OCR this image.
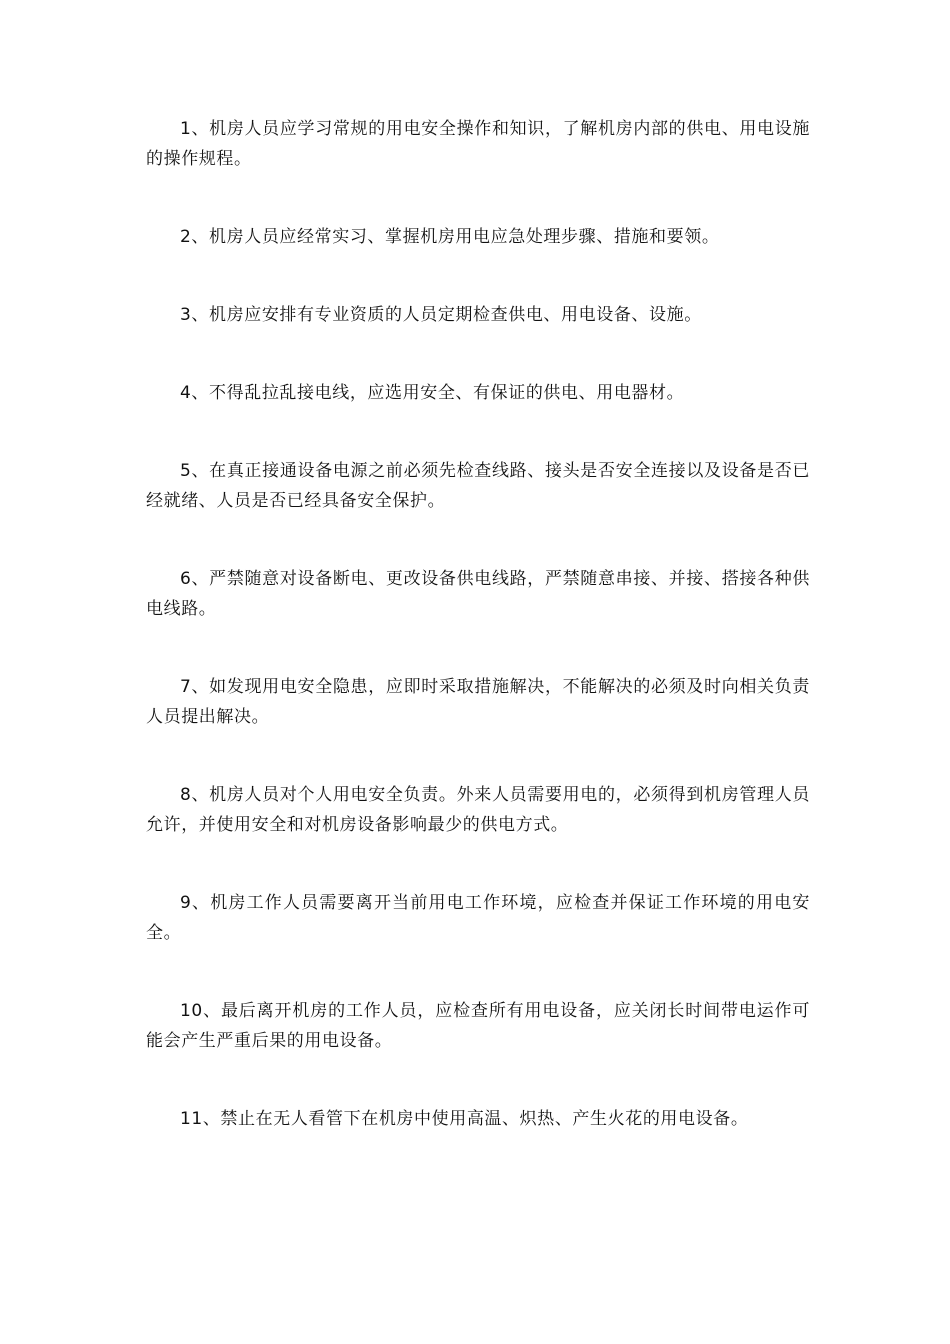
1、机房人员应学习常规的用电安全操作和知识，了解机房内部的供电、用电设施的操作规程。

2、机房人员应经常实习、掌握机房用电应急处理步骤、措施和要领。

3、机房应安排有专业资质的人员定期检查供电、用电设备、设施。

4、不得乱拉乱接电线，应选用安全、有保证的供电、用电器材。

5、在真正接通设备电源之前必须先检查线路、接头是否安全连接以及设备是否已经就绪、人员是否已经具备安全保护。

6、严禁随意对设备断电、更改设备供电线路，严禁随意串接、并接、搭接各种供电线路。

7、如发现用电安全隐患，应即时采取措施解决，不能解决的必须及时向相关负责人员提出解决。

8、机房人员对个人用电安全负责。外来人员需要用电的，必须得到机房管理人员允许，并使用安全和对机房设备影响最少的供电方式。

9、机房工作人员需要离开当前用电工作环境，应检查并保证工作环境的用电安全。

10、最后离开机房的工作人员，应检查所有用电设备，应关闭长时间带电运作可能会产生严重后果的用电设备。

11、禁止在无人看管下在机房中使用高温、炽热、产生火花的用电设备。
